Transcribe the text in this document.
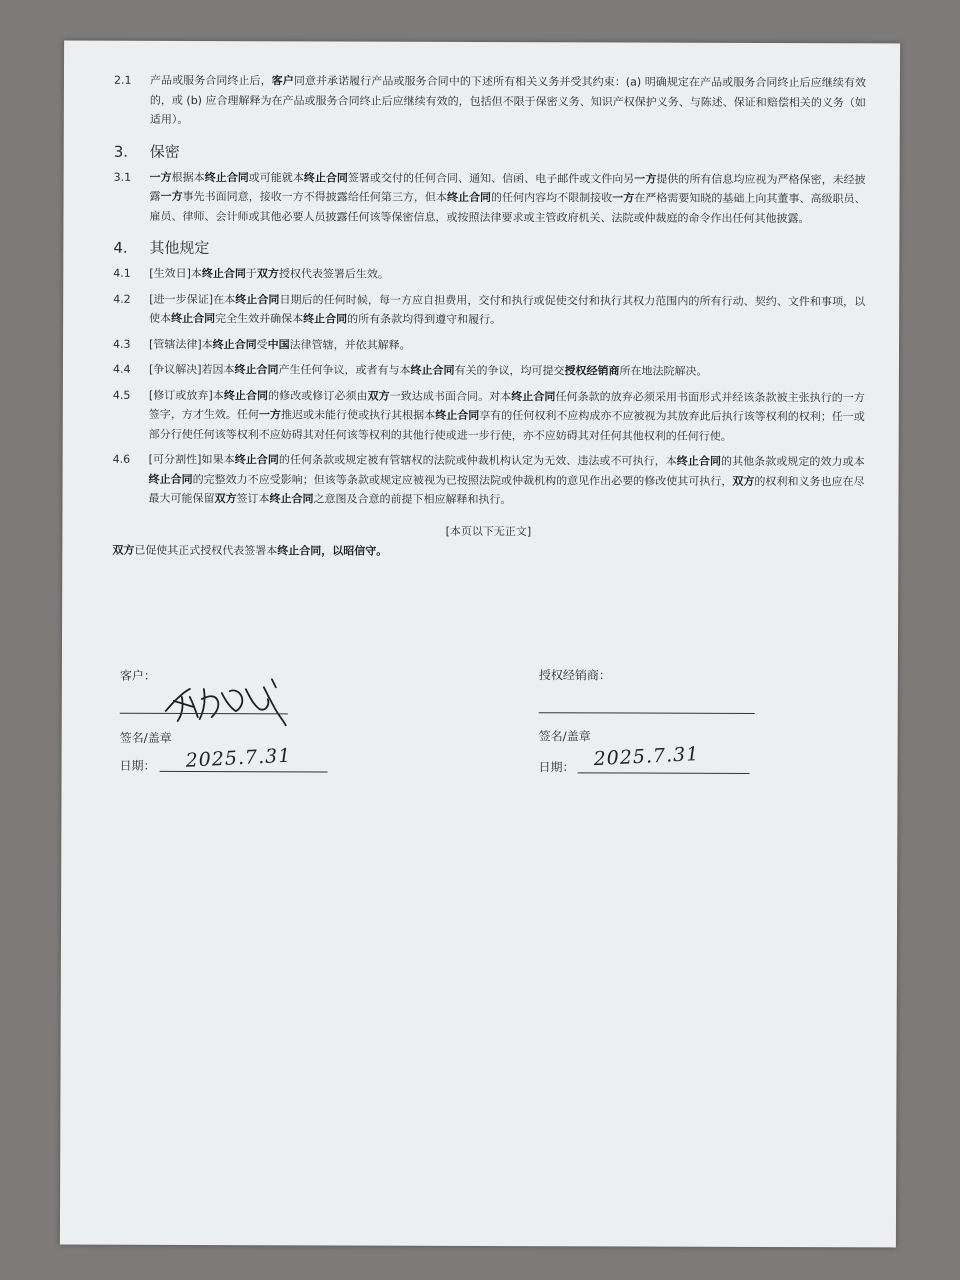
2.1	产品或服务合同终止后，客户同意并承诺履行产品或服务合同中的下述所有相关义务并受其约束：(a) 明确规定在产品或服务合同终止后应继续有效的，或 (b) 应合理解释为在产品或服务合同终止后应继续有效的，包括但不限于保密义务、知识产权保护义务、与陈述、保证和赔偿相关的义务（如适用）。
3.	保密
3.1	一方根据本终止合同或可能就本终止合同签署或交付的任何合同、通知、信函、电子邮件或文件向另一方提供的所有信息均应视为严格保密，未经披露一方事先书面同意，接收一方不得披露给任何第三方，但本终止合同的任何内容均不限制接收一方在严格需要知晓的基础上向其董事、高级职员、雇员、律师、会计师或其他必要人员披露任何该等保密信息，或按照法律要求或主管政府机关、法院或仲裁庭的命令作出任何其他披露。
4.	其他规定
4.1	[生效日]本终止合同于双方授权代表签署后生效。
4.2	[进一步保证]在本终止合同日期后的任何时候，每一方应自担费用，交付和执行或促使交付和执行其权力范围内的所有行动、契约、文件和事项，以使本终止合同完全生效并确保本终止合同的所有条款均得到遵守和履行。
4.3	[管辖法律]本终止合同受中国法律管辖，并依其解释。
4.4	[争议解决]若因本终止合同产生任何争议，或者有与本终止合同有关的争议，均可提交授权经销商所在地法院解决。
4.5	[修订或放弃]本终止合同的修改或修订必须由双方一致达成书面合同。对本终止合同任何条款的放弃必须采用书面形式并经该条款被主张执行的一方签字，方才生效。任何一方推迟或未能行使或执行其根据本终止合同享有的任何权利不应构成亦不应被视为其放弃此后执行该等权利的权利；任一或部分行使任何该等权利不应妨碍其对任何该等权利的其他行使或进一步行使，亦不应妨碍其对任何其他权利的任何行使。
4.6	[可分割性]如果本终止合同的任何条款或规定被有管辖权的法院或仲裁机构认定为无效、违法或不可执行，本终止合同的其他条款或规定的效力或本终止合同的完整效力不应受影响；但该等条款或规定应被视为已按照法院或仲裁机构的意见作出必要的修改使其可执行，双方的权利和义务也应在尽最大可能保留双方签订本终止合同之意图及合意的前提下相应解释和执行。
[本页以下无正文]
双方已促使其正式授权代表签署本终止合同，以昭信守。
客户：
签名/盖章
日期： 2025.7.31
授权经销商：
签名/盖章
日期： 2025.7.31
